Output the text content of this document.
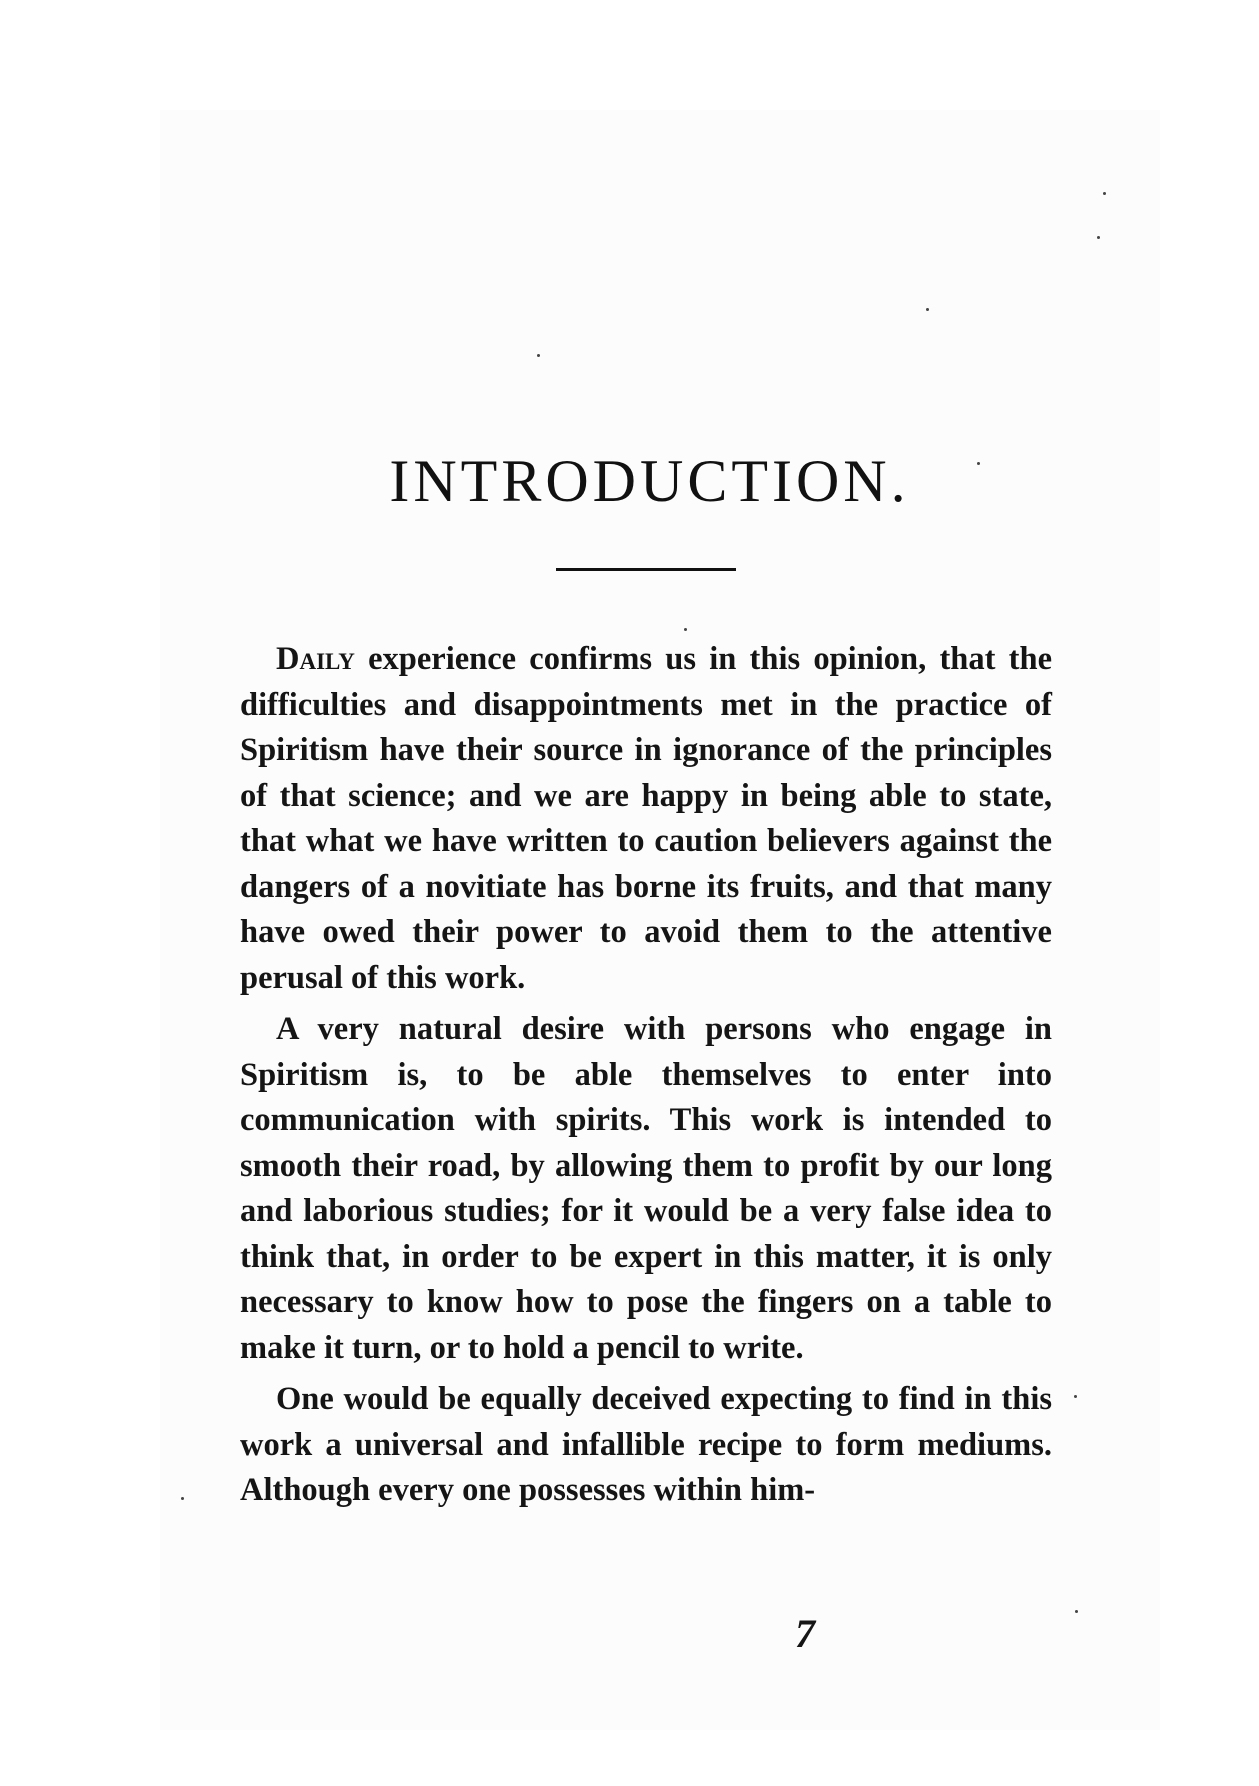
INTRODUCTION.

Daily experience confirms us in this opinion, that the difficulties and disappointments met in the practice of Spiritism have their source in ignorance of the principles of that science; and we are happy in being able to state, that what we have written to caution believers against the dangers of a novitiate has borne its fruits, and that many have owed their power to avoid them to the attentive perusal of this work.

A very natural desire with persons who engage in Spiritism is, to be able themselves to enter into communication with spirits. This work is intended to smooth their road, by allowing them to profit by our long and laborious studies; for it would be a very false idea to think that, in order to be expert in this matter, it is only necessary to know how to pose the fingers on a table to make it turn, or to hold a pencil to write.

One would be equally deceived expecting to find in this work a universal and infallible recipe to form mediums. Although every one possesses within him-

7
